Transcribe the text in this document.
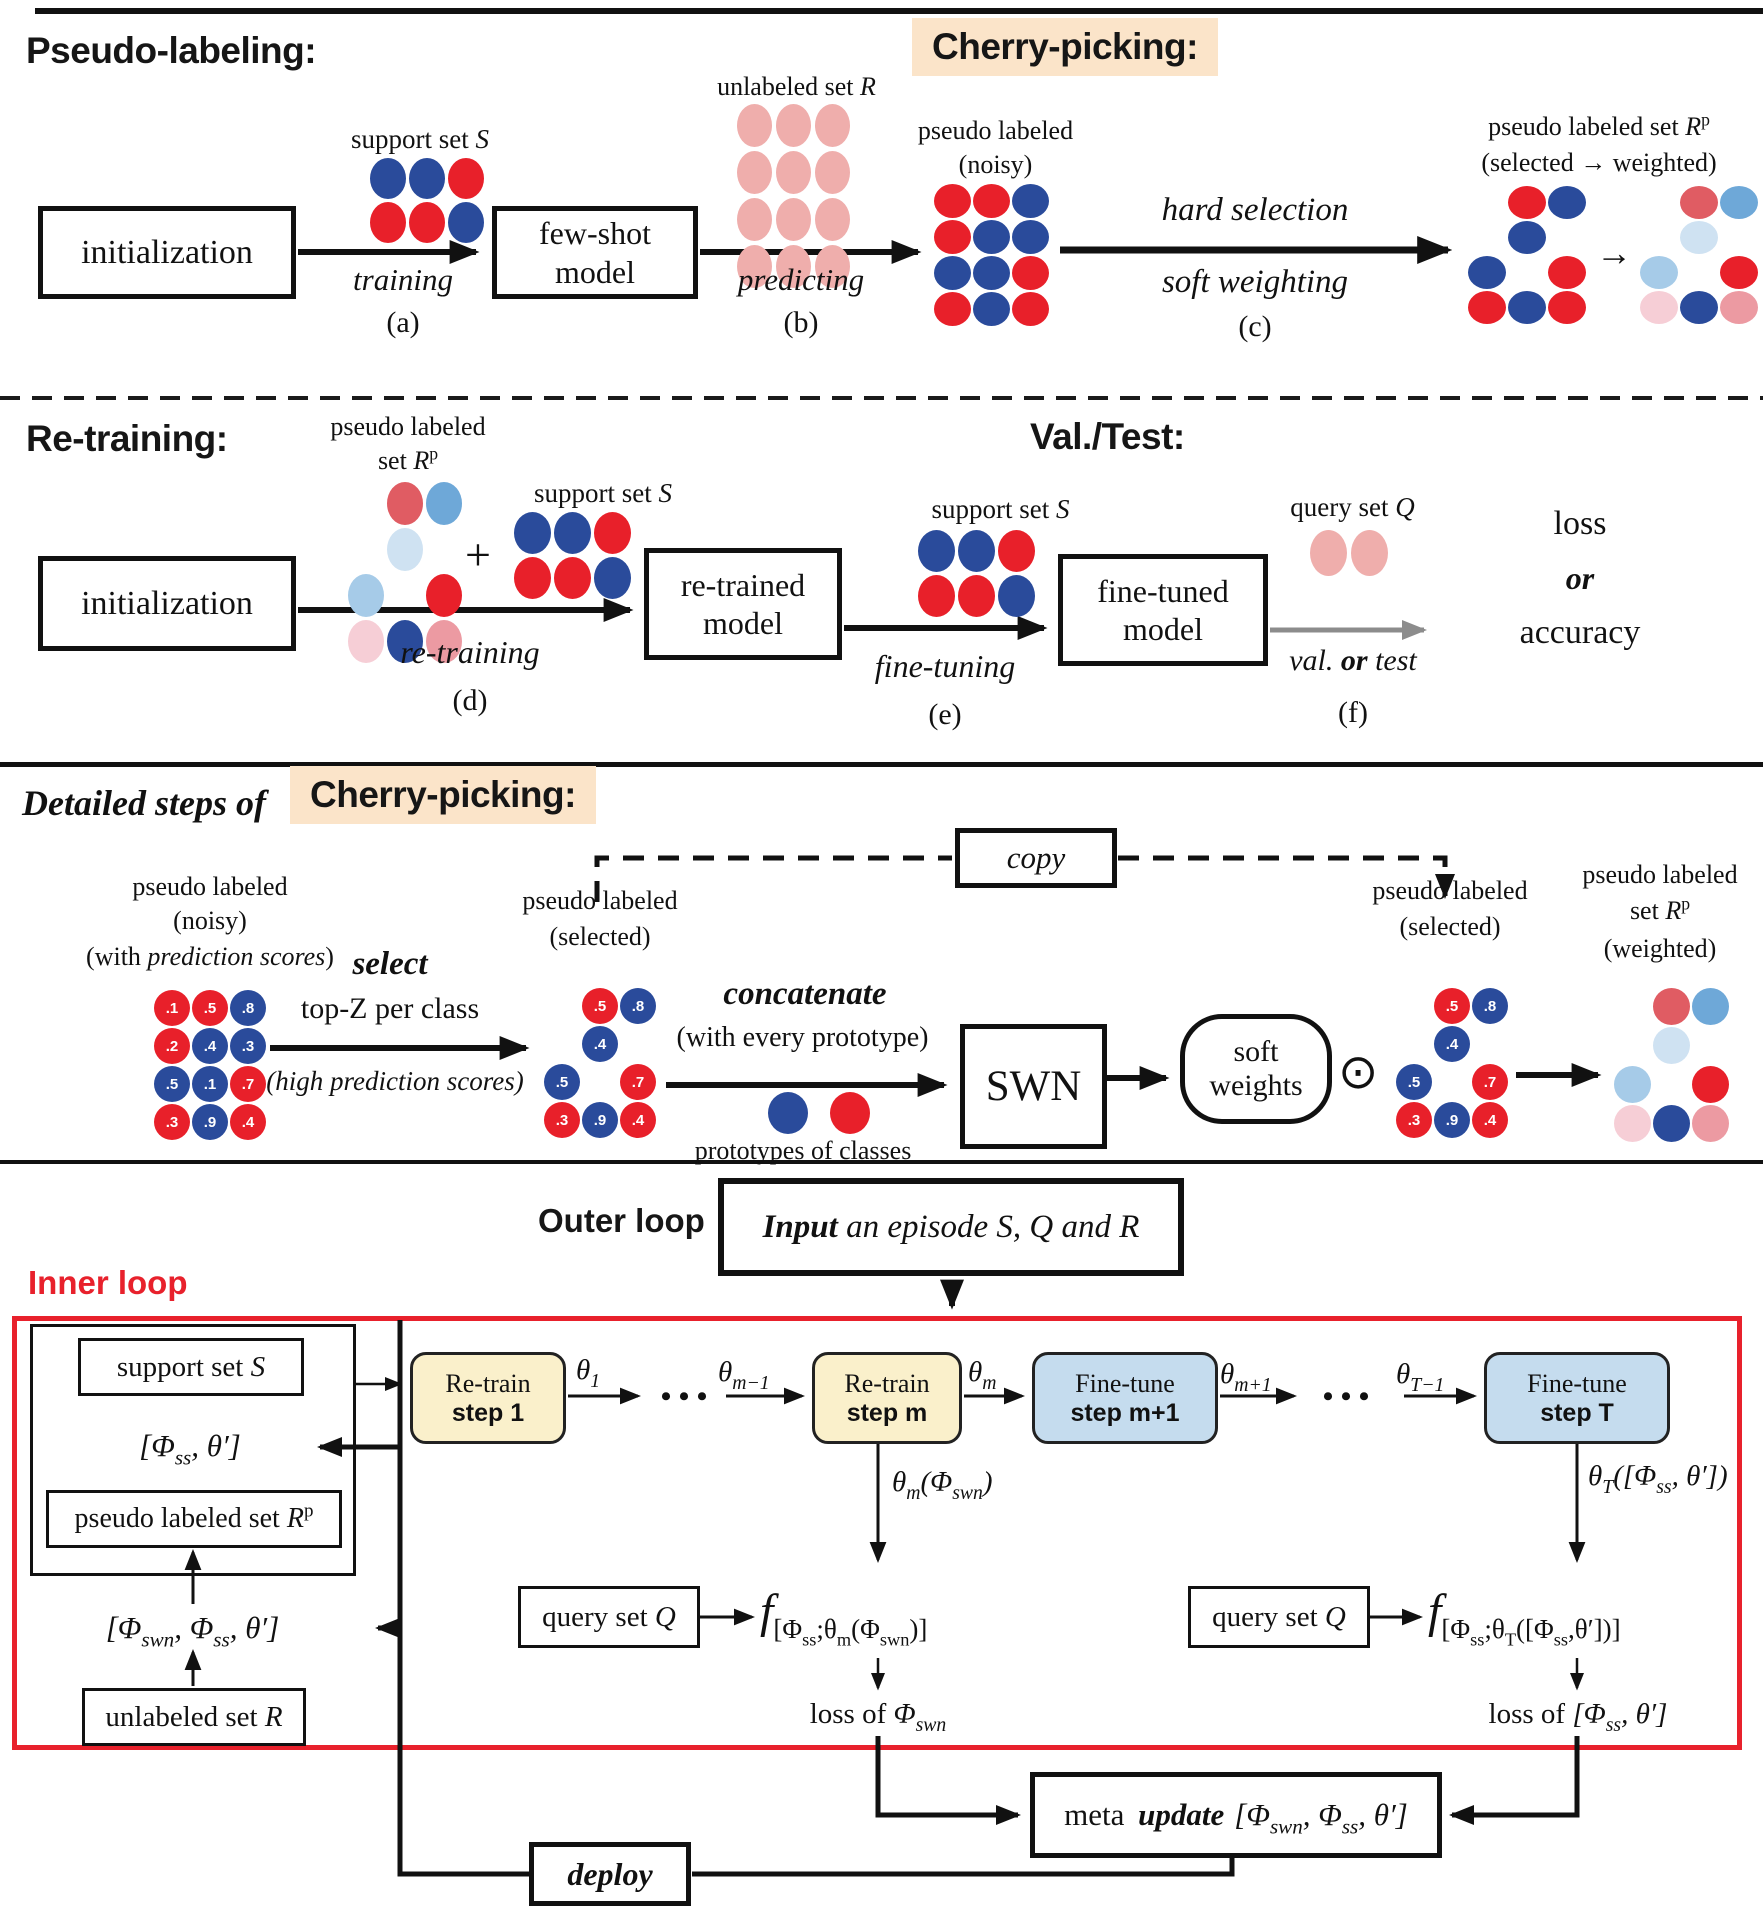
Pseudo-labeling:	Cherry-picking:
initialization
support set S
training
(a)
few-shot
model
unlabeled set R
predicting
(b)
pseudo labeled
(noisy)
hard selection
soft weighting
(c)
pseudo labeled set $R^p$
(selected → weighted)
→
Re-training:	pseudo labeled
set $R^p$
+
support set S
initialization
re-training
(d)
re-trained
model
Val./Test:
support set S
fine-tuning
(e)
fine-tuned
model
query set Q
val. or test
(f)
loss
or
accuracy
Detailed steps of	Cherry-picking:
pseudo labeled
(noisy)
(with prediction scores)
.1	.5	.8
.2	.4	.3
.5	.1	.7
.3	.9	.4
select
top-Z per class
(high prediction scores)
pseudo labeled
(selected)
.5	.8
.4
.5	.7
.3	.9	.4
copy
concatenate
(with every prototype)
prototypes of classes
SWN
soft
weights ⊙
pseudo labeled
(selected)
.5	.8
.4
.5	.7
.3	.9	.4
pseudo labeled
set $R^p$
(weighted)
Outer loop Input an episode S, Q and R
Inner loop
support set S
[$\Phi_{ss}$, θ′]
pseudo labeled set $R^p$
[$\Phi_{swn}$, $\Phi_{ss}$, θ′]
unlabeled set R
Re-train
step 1
Re-train
step m
Fine-tune
step m+1
Fine-tune
step T
$\theta_1$	$\theta_{m-1}$	$\theta_m$	$\theta_{m+1}$	$\theta_{T-1}$
• • •	• • •
$\theta_m(\Phi_{swn})$	$\theta_T([\Phi_{ss}$, θ′])
query set Q	query set Q
$f_{[\Phi_{ss};\theta_m(\Phi_{swn})]}$	$f_{[\Phi_{ss};\theta_T([\Phi_{ss},\theta'])]}$
loss of $\Phi_{swn}$	loss of [$\Phi_{ss}$, θ′]
meta update [$\Phi_{swn}$, $\Phi_{ss}$, θ′]
deploy
